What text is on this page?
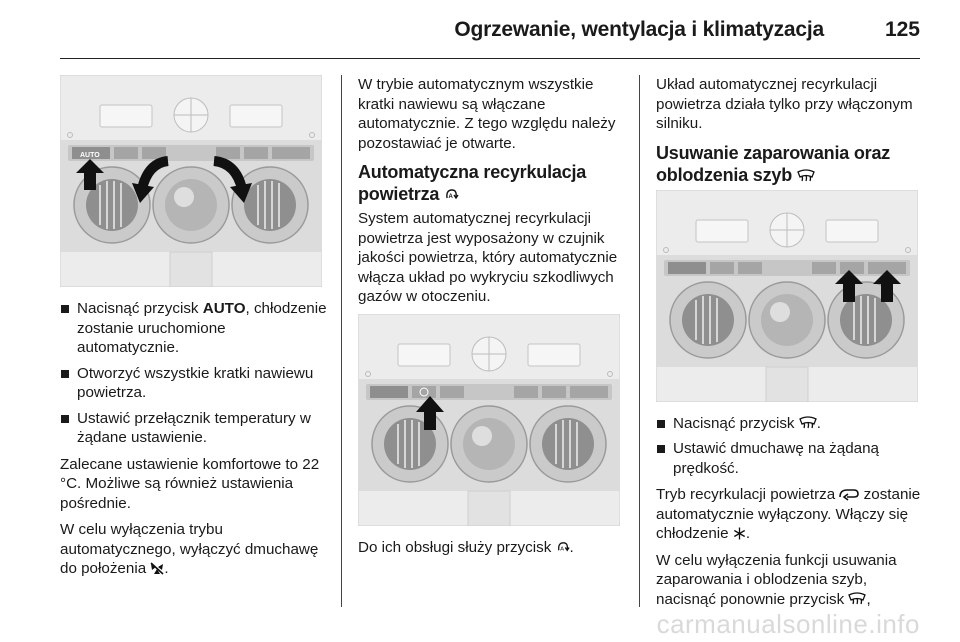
Ogrzewanie, wentylacja i klimatyzacja	125
AUTO
Nacisnąć przycisk AUTO, chłodzenie zostanie uruchomione automatycznie.
Otworzyć wszystkie kratki nawiewu powietrza.
Ustawić przełącznik temperatury w żądane ustawienie.

Zalecane ustawienie komfortowe to 22 °C. Możliwe są również ustawienia pośrednie.

W celu wyłączenia trybu automatycznego, wyłączyć dmuchawę do położenia .

W trybie automatycznym wszystkie kratki nawiewu są włączane automatycznie. Z tego względu należy pozostawiać je otwarte.

Automatyczna recyrkulacja powietrza A

System automatycznej recyrkulacji powietrza jest wyposażony w czujnik jakości powietrza, który automatycznie włącza układ po wykryciu szkodliwych gazów w otoczeniu.

Do ich obsługi służy przycisk A .

Układ automatycznej recyrkulacji powietrza działa tylko przy włączonym silniku.

Usuwanie zaparowania oraz oblodzenia szyb
Nacisnąć przycisk .
Ustawić dmuchawę na żądaną prędkość.

Tryb recyrkulacji powietrza zostanie automatycznie wyłączony. Włączy się chłodzenie .

W celu wyłączenia funkcji usuwania zaparowania i oblodzenia szyb, nacisnąć ponownie przycisk ,

carmanualsonline.info
